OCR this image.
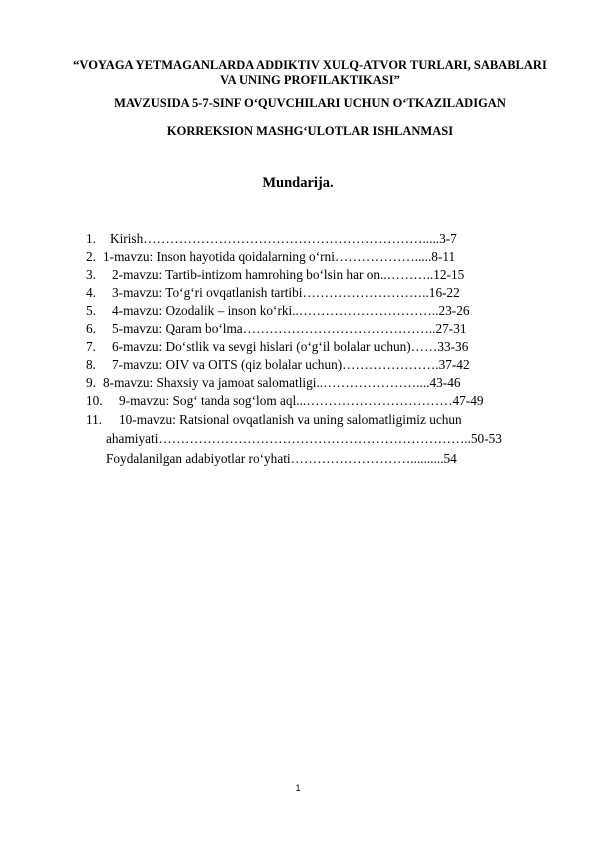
“VOYAGA YETMAGANLARDA ADDIKTIV XULQ-ATVOR TURLARI, SABABLARI VA UNING PROFILAKTIKASI”
MAVZUSIDA 5-7-SINF O‘QUVCHILARI UCHUN O‘TKAZILADIGAN
KORREKSION MASHG‘ULOTLAR ISHLANMASI
Mundarija.
1. Kirish……………………………………………………….....3-7
2. 1-mavzu: Inson hayotida qoidalarning o‘rni……………….....8-11
3. 2-mavzu: Tartib-intizom hamrohing bo‘lsin har on..………..12-15
4. 3-mavzu: To‘g‘ri ovqatlanish tartibi………………………..16-22
5. 4-mavzu: Ozodalik – inson ko‘rki..…………………………..23-26
6. 5-mavzu: Qaram bo‘lma……………………………………..27-31
7. 6-mavzu: Do‘stlik va sevgi hislari (o‘g‘il bolalar uchun)……33-36
8. 7-mavzu: OIV va OITS (qiz bolalar uchun)………………….37-42
9. 8-mavzu: Shaxsiy va jamoat salomatligi..…………………....43-46
10. 9-mavzu: Sog‘ tanda sog‘lom aql...……………………………47-49
11. 10-mavzu: Ratsional ovqatlanish va uning salomatligimiz uchun
ahamiyati……………………………………………………………..50-53
Foydalanilgan adabiyotlar ro‘yhati………………………..........54
1
